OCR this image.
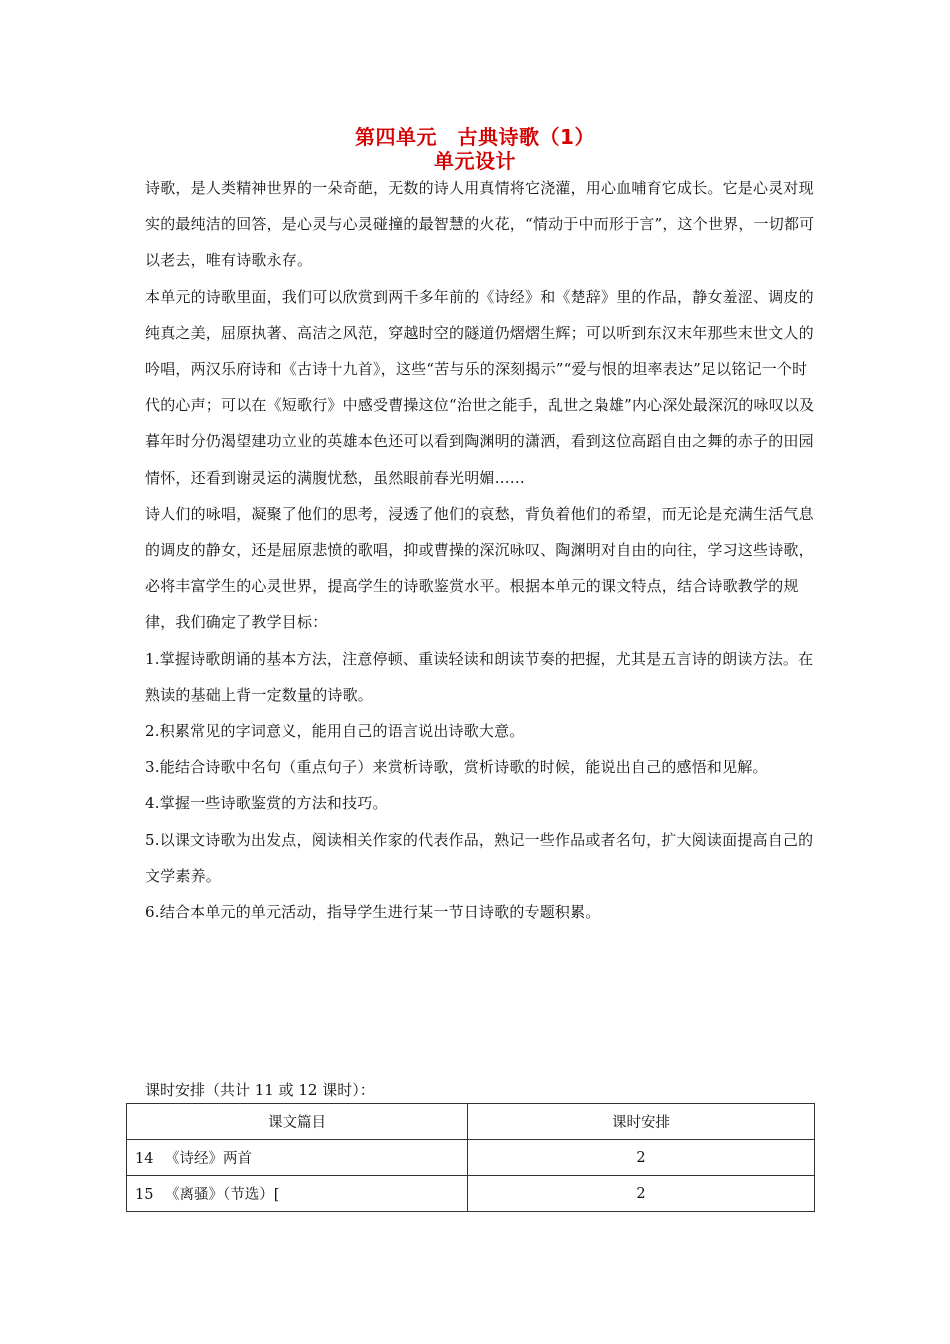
第四单元　古典诗歌（1）
单元设计

诗歌，是人类精神世界的一朵奇葩，无数的诗人用真情将它浇灌，用心血哺育它成长。它是心灵对现实的最纯洁的回答，是心灵与心灵碰撞的最智慧的火花，“情动于中而形于言”，这个世界，一切都可以老去，唯有诗歌永存。

本单元的诗歌里面，我们可以欣赏到两千多年前的《诗经》和《楚辞》里的作品，静女羞涩、调皮的纯真之美，屈原执著、高洁之风范，穿越时空的隧道仍熠熠生辉；可以听到东汉末年那些末世文人的吟唱，两汉乐府诗和《古诗十九首》，这些“苦与乐的深刻揭示”“爱与恨的坦率表达”足以铭记一个时代的心声；可以在《短歌行》中感受曹操这位“治世之能手，乱世之枭雄”内心深处最深沉的咏叹以及暮年时分仍渴望建功立业的英雄本色还可以看到陶渊明的潇洒，看到这位高蹈自由之舞的赤子的田园情怀，还看到谢灵运的满腹忧愁，虽然眼前春光明媚……

诗人们的咏唱，凝聚了他们的思考，浸透了他们的哀愁，背负着他们的希望，而无论是充满生活气息的调皮的静女，还是屈原悲愤的歌唱，抑或曹操的深沉咏叹、陶渊明对自由的向往，学习这些诗歌，必将丰富学生的心灵世界，提高学生的诗歌鉴赏水平。根据本单元的课文特点，结合诗歌教学的规律，我们确定了教学目标：

1.掌握诗歌朗诵的基本方法，注意停顿、重读轻读和朗读节奏的把握，尤其是五言诗的朗读方法。在熟读的基础上背一定数量的诗歌。

2.积累常见的字词意义，能用自己的语言说出诗歌大意。

3.能结合诗歌中名句（重点句子）来赏析诗歌，赏析诗歌的时候，能说出自己的感悟和见解。

4.掌握一些诗歌鉴赏的方法和技巧。

5.以课文诗歌为出发点，阅读相关作家的代表作品，熟记一些作品或者名句，扩大阅读面提高自己的文学素养。

6.结合本单元的单元活动，指导学生进行某一节日诗歌的专题积累。

课时安排（共计 11 或 12 课时）：
课文篇目	课时安排
14 《诗经》两首	2
15 《离骚》（节选）[	2
